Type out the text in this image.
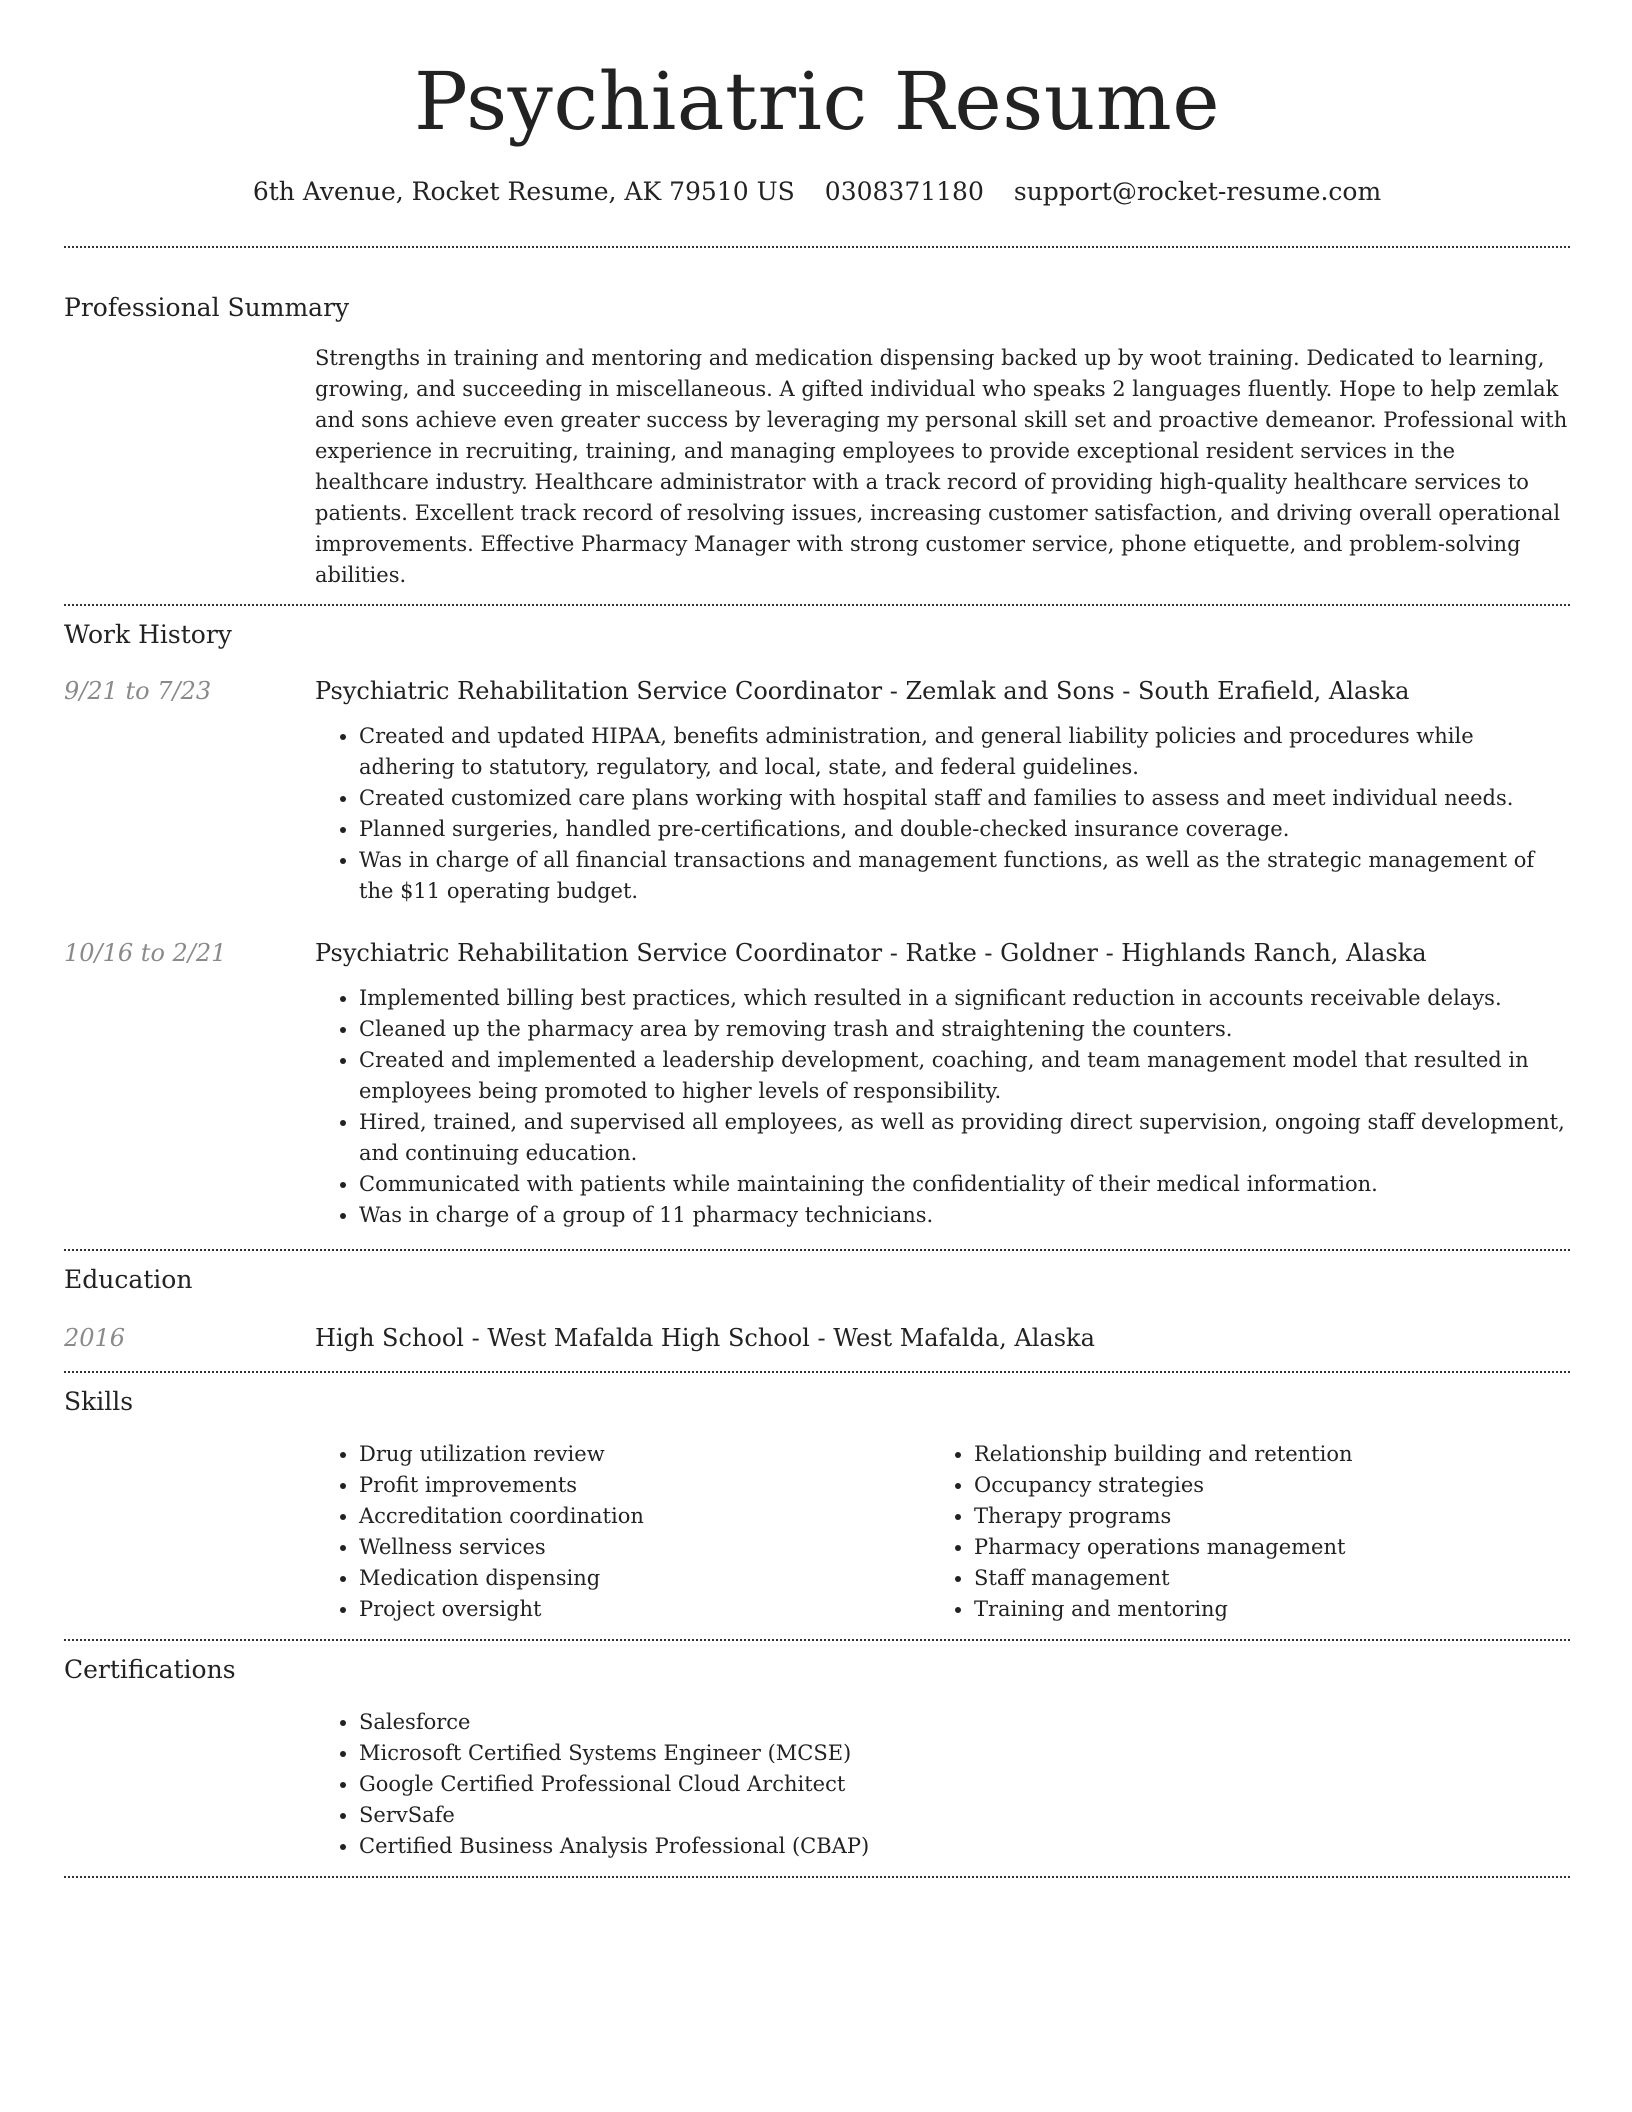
Psychiatric Resume
6th Avenue, Rocket Resume, AK 79510 US 0308371180 support@rocket-resume.com
Professional Summary
Strengths in training and mentoring and medication dispensing backed up by woot training. Dedicated to learning, growing, and succeeding in miscellaneous. A gifted individual who speaks 2 languages fluently. Hope to help zemlak and sons achieve even greater success by leveraging my personal skill set and proactive demeanor. Professional with experience in recruiting, training, and managing employees to provide exceptional resident services in the healthcare industry. Healthcare administrator with a track record of providing high-quality healthcare services to patients. Excellent track record of resolving issues, increasing customer satisfaction, and driving overall operational improvements. Effective Pharmacy Manager with strong customer service, phone etiquette, and problem-solving abilities.
Work History
9/21 to 7/23	Psychiatric Rehabilitation Service Coordinator - Zemlak and Sons - South Erafield, Alaska
• Created and updated HIPAA, benefits administration, and general liability policies and procedures while adhering to statutory, regulatory, and local, state, and federal guidelines.
• Created customized care plans working with hospital staff and families to assess and meet individual needs.
• Planned surgeries, handled pre-certifications, and double-checked insurance coverage.
• Was in charge of all financial transactions and management functions, as well as the strategic management of the $11 operating budget.
10/16 to 2/21	Psychiatric Rehabilitation Service Coordinator - Ratke - Goldner - Highlands Ranch, Alaska
• Implemented billing best practices, which resulted in a significant reduction in accounts receivable delays.
• Cleaned up the pharmacy area by removing trash and straightening the counters.
• Created and implemented a leadership development, coaching, and team management model that resulted in employees being promoted to higher levels of responsibility.
• Hired, trained, and supervised all employees, as well as providing direct supervision, ongoing staff development, and continuing education.
• Communicated with patients while maintaining the confidentiality of their medical information.
• Was in charge of a group of 11 pharmacy technicians.
Education
2016	High School - West Mafalda High School - West Mafalda, Alaska
Skills
• Drug utilization review
• Profit improvements
• Accreditation coordination
• Wellness services
• Medication dispensing
• Project oversight
• Relationship building and retention
• Occupancy strategies
• Therapy programs
• Pharmacy operations management
• Staff management
• Training and mentoring
Certifications
• Salesforce
• Microsoft Certified Systems Engineer (MCSE)
• Google Certified Professional Cloud Architect
• ServSafe
• Certified Business Analysis Professional (CBAP)
